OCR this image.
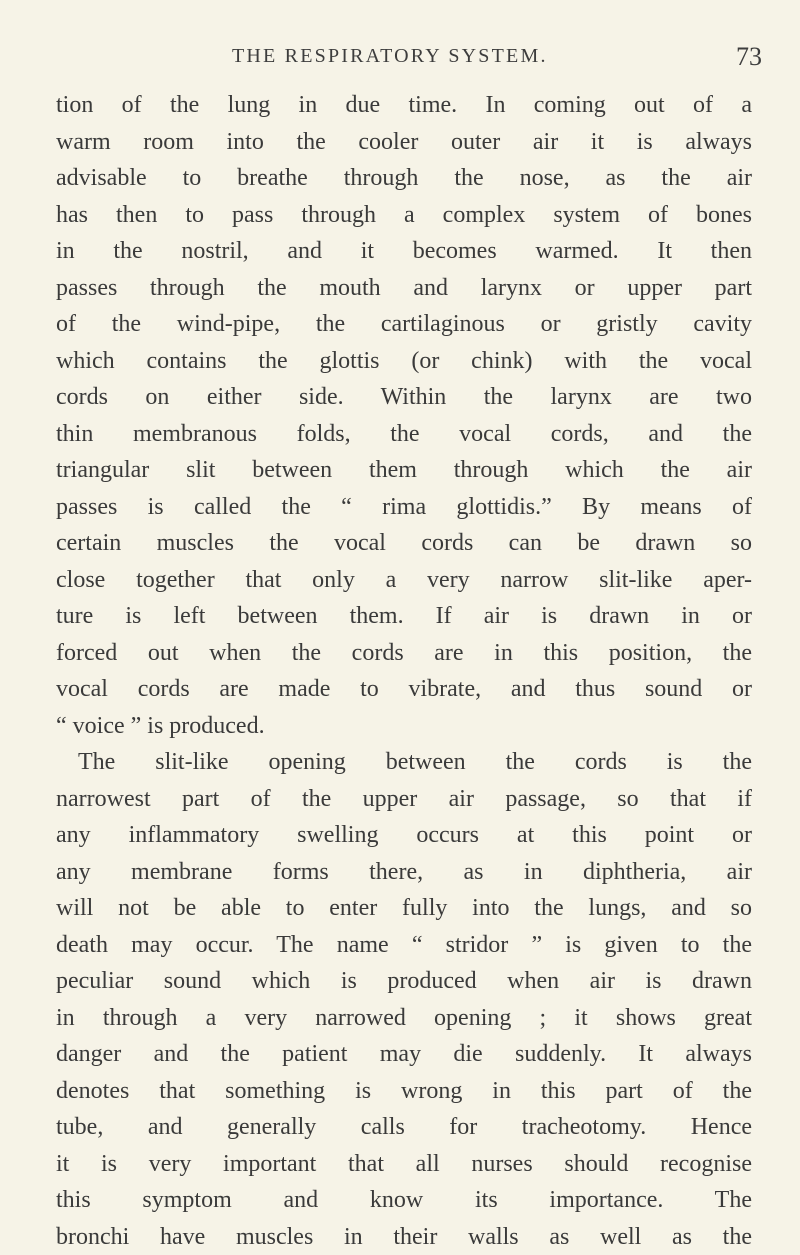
THE RESPIRATORY SYSTEM.	73
tion of the lung in due time. In coming out of a
warm room into the cooler outer air it is always
advisable to breathe through the nose, as the air
has then to pass through a complex system of bones
in the nostril, and it becomes warmed. It then
passes through the mouth and larynx or upper part
of the wind-pipe, the cartilaginous or gristly cavity
which contains the glottis (or chink) with the vocal
cords on either side. Within the larynx are two
thin membranous folds, the vocal cords, and the
triangular slit between them through which the air
passes is called the “ rima glottidis.” By means of
certain muscles the vocal cords can be drawn so
close together that only a very narrow slit-like aper-
ture is left between them. If air is drawn in or
forced out when the cords are in this position, the
vocal cords are made to vibrate, and thus sound or
“ voice ” is produced.
The slit-like opening between the cords is the
narrowest part of the upper air passage, so that if
any inflammatory swelling occurs at this point or
any membrane forms there, as in diphtheria, air
will not be able to enter fully into the lungs, and so
death may occur. The name “ stridor ” is given to the
peculiar sound which is produced when air is drawn
in through a very narrowed opening ; it shows great
danger and the patient may die suddenly. It always
denotes that something is wrong in this part of the
tube, and generally calls for tracheotomy. Hence
it is very important that all nurses should recognise
this symptom and know its importance. The
bronchi have muscles in their walls as well as the
